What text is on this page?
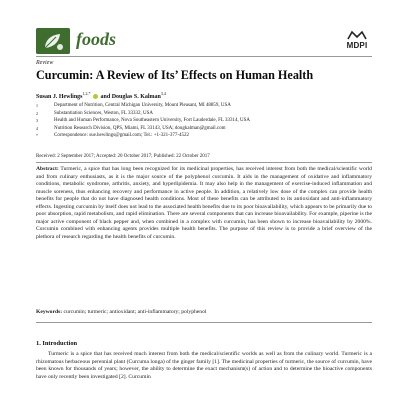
foods	MDPI
Review
Curcumin: A Review of Its’ Effects on Human Health
Susan J. Hewlings$^{1,2,*}$  and Douglas S. Kalman$^{3,4}$
1	Department of Nutrition, Central Michigan University, Mount Pleasant, MI 48859, USA
2	Substantiation Sciences, Weston, FL 33332, USA
3	Health and Human Performance, Nova Southeastern University, Fort Lauderdale, FL 33314, USA
4	Nutrition Research Division, QPS, Miami, FL 33143, USA; dougkalman@gmail.com
*	Correspondence: sue.hewlings@gmail.com; Tel.: +1-321-377-4522
Received: 2 September 2017; Accepted: 20 October 2017; Published: 22 October 2017
Abstract: Turmeric, a spice that has long been recognized for its medicinal properties, has received interest from both the medical/scientific world and from culinary enthusiasts, as it is the major source of the polyphenol curcumin. It aids in the management of oxidative and inflammatory conditions, metabolic syndrome, arthritis, anxiety, and hyperlipidemia. It may also help in the management of exercise-induced inflammation and muscle soreness, thus enhancing recovery and performance in active people. In addition, a relatively low dose of the complex can provide health benefits for people that do not have diagnosed health conditions. Most of these benefits can be attributed to its antioxidant and anti-inflammatory effects. Ingesting curcumin by itself does not lead to the associated health benefits due to its poor bioavailability, which appears to be primarily due to poor absorption, rapid metabolism, and rapid elimination. There are several components that can increase bioavailability. For example, piperine is the major active component of black pepper and, when combined in a complex with curcumin, has been shown to increase bioavailability by 2000%. Curcumin combined with enhancing agents provides multiple health benefits. The purpose of this review is to provide a brief overview of the plethora of research regarding the health benefits of curcumin.
Keywords: curcumin; turmeric; antioxidant; anti-inflammatory; polyphenol
1. Introduction
Turmeric is a spice that has received much interest from both the medical/scientific worlds as well as from the culinary world. Turmeric is a rhizomatous herbaceous perennial plant (Curcuma longa) of the ginger family [1]. The medicinal properties of turmeric, the source of curcumin, have been known for thousands of years; however, the ability to determine the exact mechanism(s) of action and to determine the bioactive components have only recently been investigated [2]. Curcumin
